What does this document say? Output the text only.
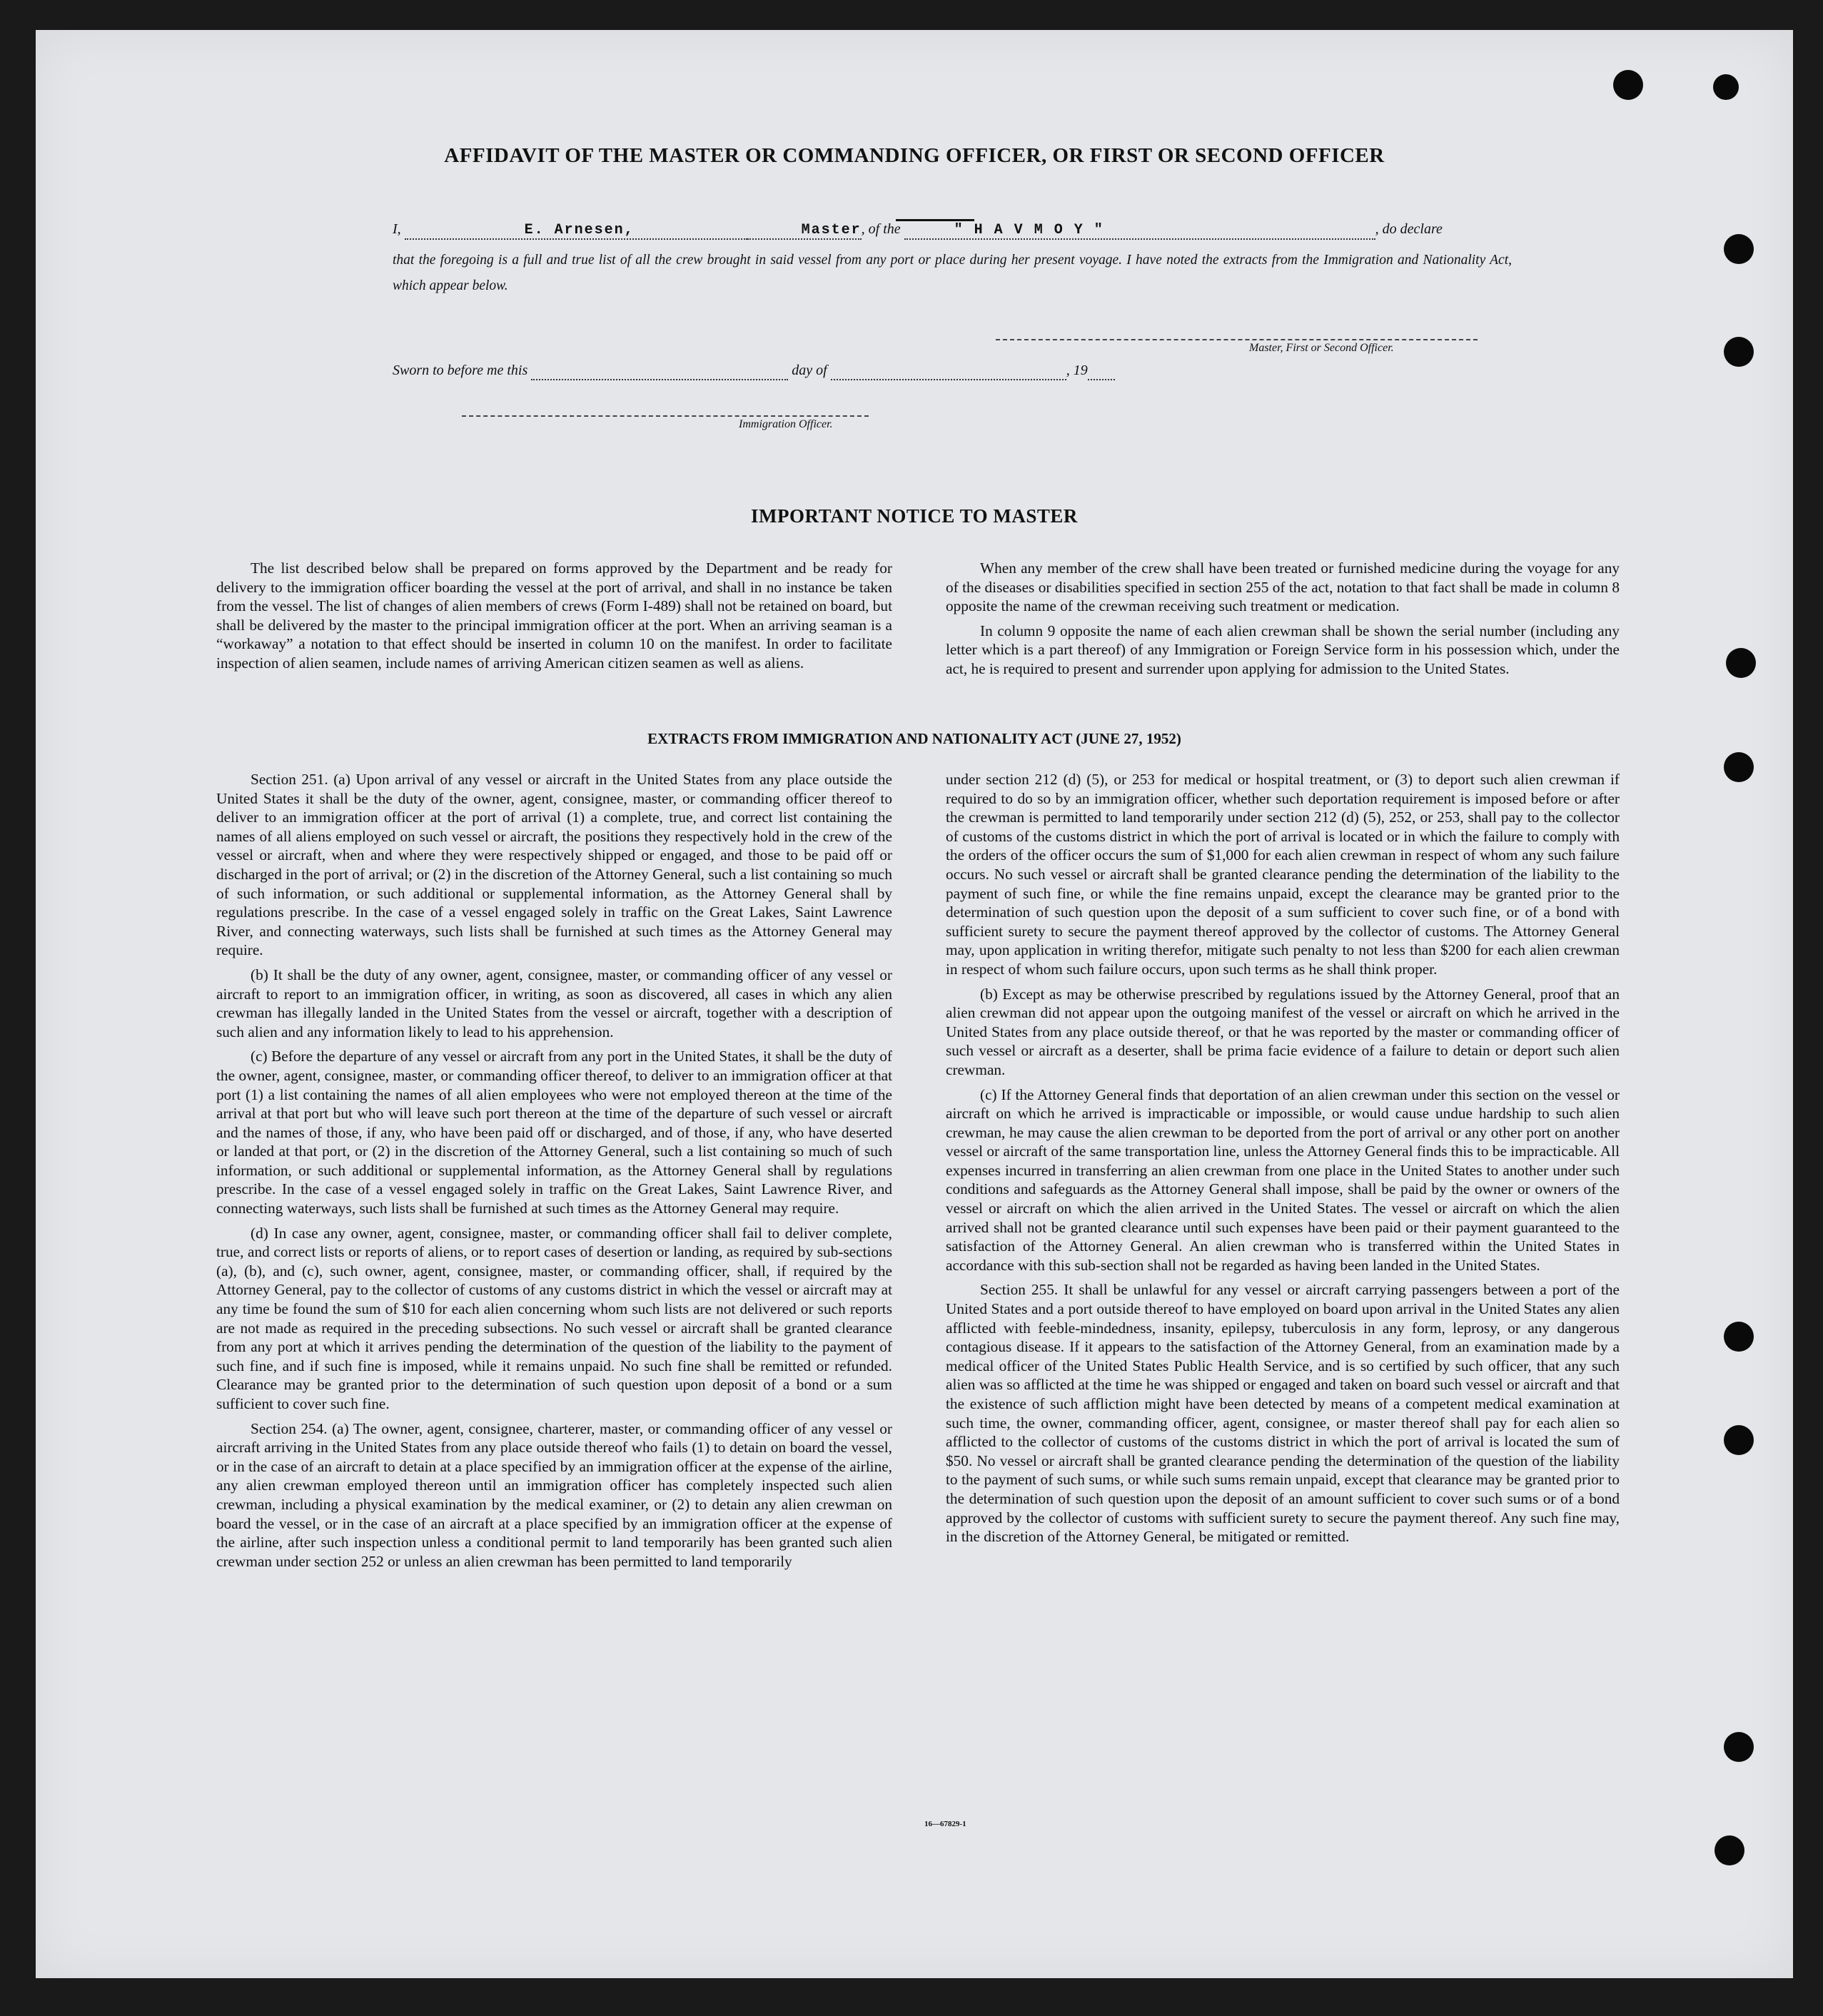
AFFIDAVIT OF THE MASTER OR COMMANDING OFFICER, OR FIRST OR SECOND OFFICER
I,	E. Arnesen,	Master, of the	" H A V M O Y "	, do declare
that the foregoing is a full and true list of all the crew brought in said vessel from any port or place during her present voyage. I have noted the extracts from the Immigration and Nationality Act, which appear below.
Master, First or Second Officer.
Sworn to before me this	day of	, 19
Immigration Officer.
IMPORTANT NOTICE TO MASTER

The list described below shall be prepared on forms approved by the Department and be ready for delivery to the immigration officer boarding the vessel at the port of arrival, and shall in no instance be taken from the vessel. The list of changes of alien members of crews (Form I-489) shall not be retained on board, but shall be delivered by the master to the principal immigration officer at the port. When an arriving seaman is a “workaway” a notation to that effect should be inserted in column 10 on the manifest. In order to facilitate inspection of alien seamen, include names of arriving American citizen seamen as well as aliens.

When any member of the crew shall have been treated or furnished medicine during the voyage for any of the diseases or disabilities specified in section 255 of the act, notation to that fact shall be made in column 8 opposite the name of the crewman receiving such treatment or medication.

In column 9 opposite the name of each alien crewman shall be shown the serial number (including any letter which is a part thereof) of any Immigration or Foreign Service form in his possession which, under the act, he is required to present and surrender upon applying for admission to the United States.

EXTRACTS FROM IMMIGRATION AND NATIONALITY ACT (JUNE 27, 1952)

Section 251. (a) Upon arrival of any vessel or aircraft in the United States from any place outside the United States it shall be the duty of the owner, agent, consignee, master, or commanding officer thereof to deliver to an immigration officer at the port of arrival (1) a complete, true, and correct list containing the names of all aliens employed on such vessel or aircraft, the positions they respectively hold in the crew of the vessel or aircraft, when and where they were respectively shipped or engaged, and those to be paid off or discharged in the port of arrival; or (2) in the discretion of the Attorney General, such a list containing so much of such information, or such additional or supplemental information, as the Attorney General shall by regulations prescribe. In the case of a vessel engaged solely in traffic on the Great Lakes, Saint Lawrence River, and connecting waterways, such lists shall be furnished at such times as the Attorney General may require.

(b) It shall be the duty of any owner, agent, consignee, master, or commanding officer of any vessel or aircraft to report to an immigration officer, in writing, as soon as discovered, all cases in which any alien crewman has illegally landed in the United States from the vessel or aircraft, together with a description of such alien and any information likely to lead to his apprehension.

(c) Before the departure of any vessel or aircraft from any port in the United States, it shall be the duty of the owner, agent, consignee, master, or commanding officer thereof, to deliver to an immigration officer at that port (1) a list containing the names of all alien employees who were not employed thereon at the time of the arrival at that port but who will leave such port thereon at the time of the departure of such vessel or aircraft and the names of those, if any, who have been paid off or discharged, and of those, if any, who have deserted or landed at that port, or (2) in the discretion of the Attorney General, such a list containing so much of such information, or such additional or supplemental information, as the Attorney General shall by regulations prescribe. In the case of a vessel engaged solely in traffic on the Great Lakes, Saint Lawrence River, and connecting waterways, such lists shall be furnished at such times as the Attorney General may require.

(d) In case any owner, agent, consignee, master, or commanding officer shall fail to deliver complete, true, and correct lists or reports of aliens, or to report cases of desertion or landing, as required by sub-sections (a), (b), and (c), such owner, agent, consignee, master, or commanding officer, shall, if required by the Attorney General, pay to the collector of customs of any customs district in which the vessel or aircraft may at any time be found the sum of $10 for each alien concerning whom such lists are not delivered or such reports are not made as required in the preceding subsections. No such vessel or aircraft shall be granted clearance from any port at which it arrives pending the determination of the question of the liability to the payment of such fine, and if such fine is imposed, while it remains unpaid. No such fine shall be remitted or refunded. Clearance may be granted prior to the determination of such question upon deposit of a bond or a sum sufficient to cover such fine.

Section 254. (a) The owner, agent, consignee, charterer, master, or commanding officer of any vessel or aircraft arriving in the United States from any place outside thereof who fails (1) to detain on board the vessel, or in the case of an aircraft to detain at a place specified by an immigration officer at the expense of the airline, any alien crewman employed thereon until an immigration officer has completely inspected such alien crewman, including a physical examination by the medical examiner, or (2) to detain any alien crewman on board the vessel, or in the case of an aircraft at a place specified by an immigration officer at the expense of the airline, after such inspection unless a conditional permit to land temporarily has been granted such alien crewman under section 252 or unless an alien crewman has been permitted to land temporarily

under section 212 (d) (5), or 253 for medical or hospital treatment, or (3) to deport such alien crewman if required to do so by an immigration officer, whether such deportation requirement is imposed before or after the crewman is permitted to land temporarily under section 212 (d) (5), 252, or 253, shall pay to the collector of customs of the customs district in which the port of arrival is located or in which the failure to comply with the orders of the officer occurs the sum of $1,000 for each alien crewman in respect of whom any such failure occurs. No such vessel or aircraft shall be granted clearance pending the determination of the liability to the payment of such fine, or while the fine remains unpaid, except the clearance may be granted prior to the determination of such question upon the deposit of a sum sufficient to cover such fine, or of a bond with sufficient surety to secure the payment thereof approved by the collector of customs. The Attorney General may, upon application in writing therefor, mitigate such penalty to not less than $200 for each alien crewman in respect of whom such failure occurs, upon such terms as he shall think proper.

(b) Except as may be otherwise prescribed by regulations issued by the Attorney General, proof that an alien crewman did not appear upon the outgoing manifest of the vessel or aircraft on which he arrived in the United States from any place outside thereof, or that he was reported by the master or commanding officer of such vessel or aircraft as a deserter, shall be prima facie evidence of a failure to detain or deport such alien crewman.

(c) If the Attorney General finds that deportation of an alien crewman under this section on the vessel or aircraft on which he arrived is impracticable or impossible, or would cause undue hardship to such alien crewman, he may cause the alien crewman to be deported from the port of arrival or any other port on another vessel or aircraft of the same transportation line, unless the Attorney General finds this to be impracticable. All expenses incurred in transferring an alien crewman from one place in the United States to another under such conditions and safeguards as the Attorney General shall impose, shall be paid by the owner or owners of the vessel or aircraft on which the alien arrived in the United States. The vessel or aircraft on which the alien arrived shall not be granted clearance until such expenses have been paid or their payment guaranteed to the satisfaction of the Attorney General. An alien crewman who is transferred within the United States in accordance with this sub-section shall not be regarded as having been landed in the United States.

Section 255. It shall be unlawful for any vessel or aircraft carrying passengers between a port of the United States and a port outside thereof to have employed on board upon arrival in the United States any alien afflicted with feeble-mindedness, insanity, epilepsy, tuberculosis in any form, leprosy, or any dangerous contagious disease. If it appears to the satisfaction of the Attorney General, from an examination made by a medical officer of the United States Public Health Service, and is so certified by such officer, that any such alien was so afflicted at the time he was shipped or engaged and taken on board such vessel or aircraft and that the existence of such affliction might have been detected by means of a competent medical examination at such time, the owner, commanding officer, agent, consignee, or master thereof shall pay for each alien so afflicted to the collector of customs of the customs district in which the port of arrival is located the sum of $50. No vessel or aircraft shall be granted clearance pending the determination of the question of the liability to the payment of such sums, or while such sums remain unpaid, except that clearance may be granted prior to the determination of such question upon the deposit of an amount sufficient to cover such sums or of a bond approved by the collector of customs with sufficient surety to secure the payment thereof. Any such fine may, in the discretion of the Attorney General, be mitigated or remitted.

16—67829-1
